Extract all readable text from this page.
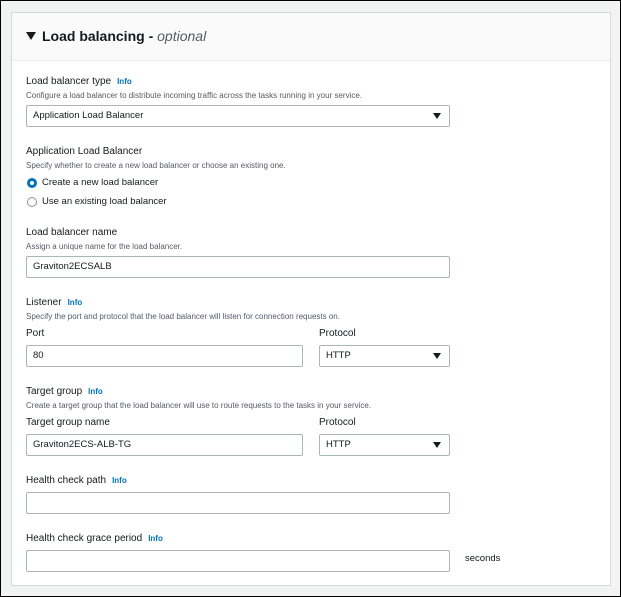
Load balancing - optional
Load balancer type Info
Configure a load balancer to distribute incoming traffic across the tasks running in your service.
Application Load Balancer
Application Load Balancer
Specify whether to create a new load balancer or choose an existing one.
Create a new load balancer
Use an existing load balancer
Load balancer name
Assign a unique name for the load balancer.
Graviton2ECSALB
Listener Info
Specify the port and protocol that the load balancer will listen for connection requests on.
Port
80
Protocol
HTTP
Target group Info
Create a target group that the load balancer will use to route requests to the tasks in your service.
Target group name
Graviton2ECS-ALB-TG
Protocol
HTTP
Health check path Info
Health check grace period Info
seconds
